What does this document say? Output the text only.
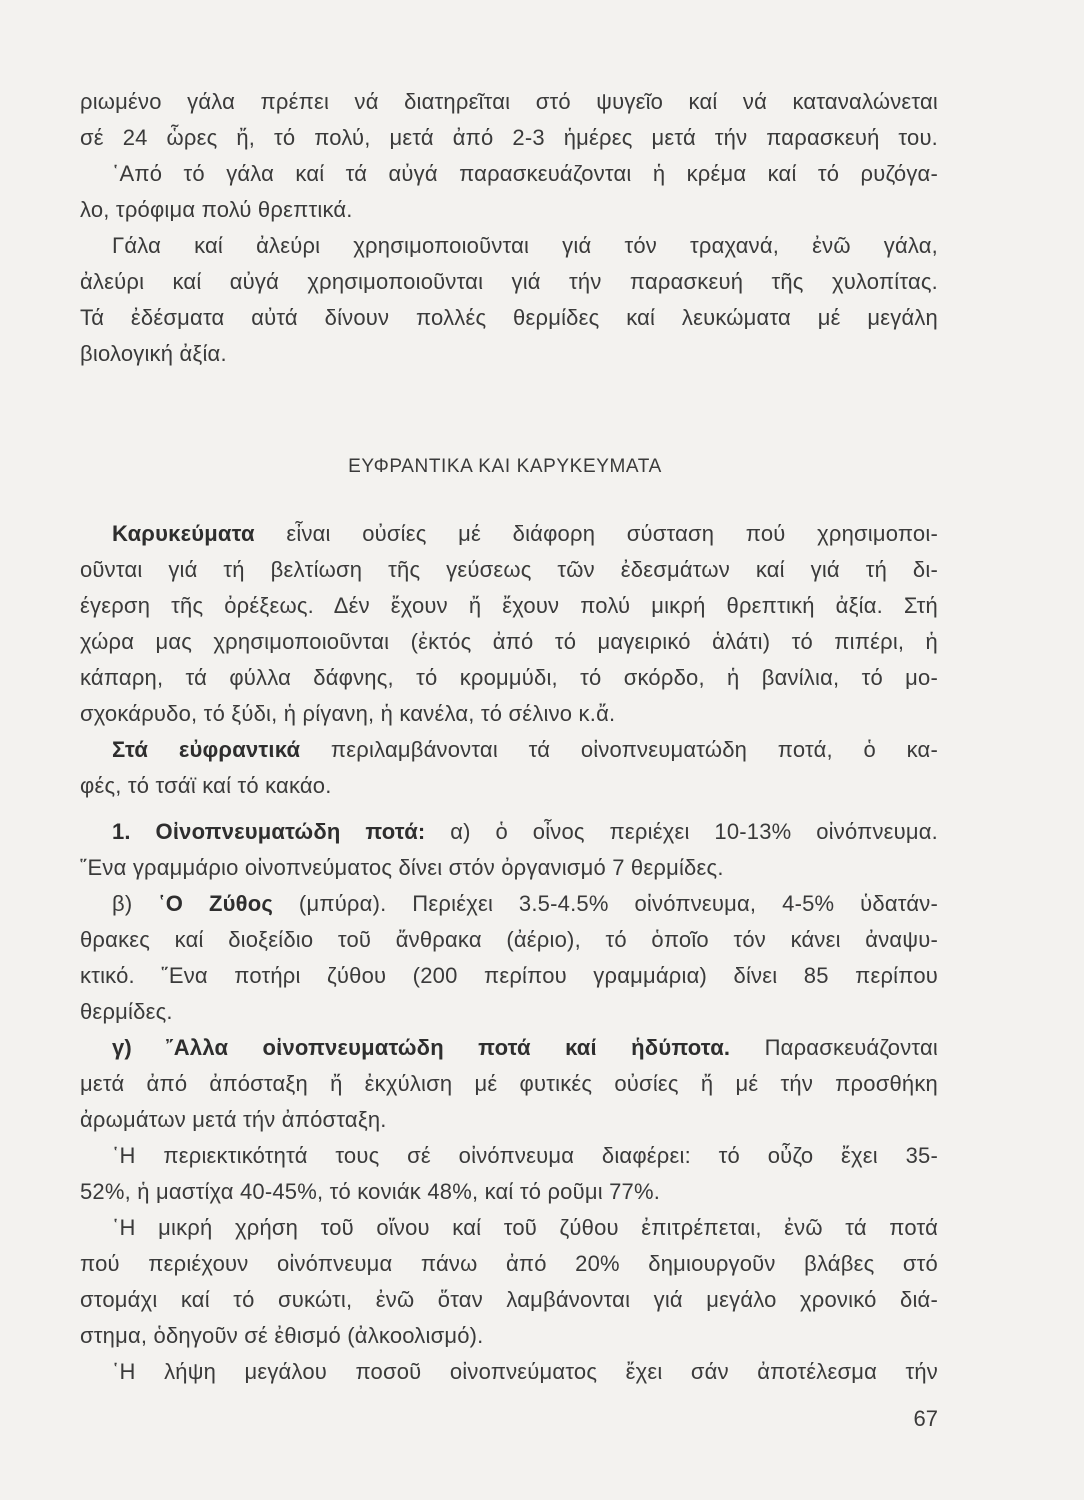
ριωμένο γάλα πρέπει νά διατηρεῖται στό ψυγεῖο καί νά καταναλώνεται
σέ 24 ὧρες ἤ, τό πολύ, μετά ἀπό 2-3 ἡμέρες μετά τήν παρασκευή του.
῾Από τό γάλα καί τά αὐγά παρασκευάζονται ἡ κρέμα καί τό ρυζόγα-
λο, τρόφιμα πολύ θρεπτικά.
Γάλα καί ἀλεύρι χρησιμοποιοῦνται γιά τόν τραχανά, ἐνῶ γάλα,
ἀλεύρι καί αὐγά χρησιμοποιοῦνται γιά τήν παρασκευή τῆς χυλοπίτας.
Τά ἐδέσματα αὐτά δίνουν πολλές θερμίδες καί λευκώματα μέ μεγάλη
βιολογική ἀξία.
ΕΥΦΡΑΝΤΙΚΑ ΚΑΙ ΚΑΡΥΚΕΥΜΑΤΑ
Καρυκεύματα εἶναι οὐσίες μέ διάφορη σύσταση πού χρησιμοποι-
οῦνται γιά τή βελτίωση τῆς γεύσεως τῶν ἐδεσμάτων καί γιά τή δι-
έγερση τῆς ὀρέξεως. Δέν ἔχουν ἤ ἔχουν πολύ μικρή θρεπτική ἀξία. Στή
χώρα μας χρησιμοποιοῦνται (ἐκτός ἀπό τό μαγειρικό ἁλάτι) τό πιπέρι, ἡ
κάπαρη, τά φύλλα δάφνης, τό κρομμύδι, τό σκόρδο, ἡ βανίλια, τό μο-
σχοκάρυδο, τό ξύδι, ἡ ρίγανη, ἡ κανέλα, τό σέλινο κ.ἄ.
Στά εὐφραντικά περιλαμβάνονται τά οἰνοπνευματώδη ποτά, ὁ κα-
φές, τό τσάϊ καί τό κακάο.
1. Οἰνοπνευματώδη ποτά: α) ὁ οἶνος περιέχει 10-13% οἰνόπνευμα.
῞Ενα γραμμάριο οἰνοπνεύματος δίνει στόν ὀργανισμό 7 θερμίδες.
β) ῾Ο Ζύθος (μπύρα). Περιέχει 3.5-4.5% οἰνόπνευμα, 4-5% ὑδατάν-
θρακες καί διοξείδιο τοῦ ἄνθρακα (ἀέριο), τό ὁποῖο τόν κάνει ἀναψυ-
κτικό. ῞Ενα ποτήρι ζύθου (200 περίπου γραμμάρια) δίνει 85 περίπου
θερμίδες.
γ) ῎Αλλα οἰνοπνευματώδη ποτά καί ἡδύποτα. Παρασκευάζονται
μετά ἀπό ἀπόσταξη ἤ ἐκχύλιση μέ φυτικές οὐσίες ἤ μέ τήν προσθήκη
ἀρωμάτων μετά τήν ἀπόσταξη.
῾Η περιεκτικότητά τους σέ οἰνόπνευμα διαφέρει: τό οὖζο ἔχει 35-
52%, ἡ μαστίχα 40-45%, τό κονιάκ 48%, καί τό ροῦμι 77%.
῾Η μικρή χρήση τοῦ οἴνου καί τοῦ ζύθου ἐπιτρέπεται, ἐνῶ τά ποτά
πού περιέχουν οἰνόπνευμα πάνω ἀπό 20% δημιουργοῦν βλάβες στό
στομάχι καί τό συκώτι, ἐνῶ ὅταν λαμβάνονται γιά μεγάλο χρονικό διά-
στημα, ὁδηγοῦν σέ ἐθισμό (ἀλκοολισμό).
῾Η λήψη μεγάλου ποσοῦ οἰνοπνεύματος ἔχει σάν ἀποτέλεσμα τήν
67
